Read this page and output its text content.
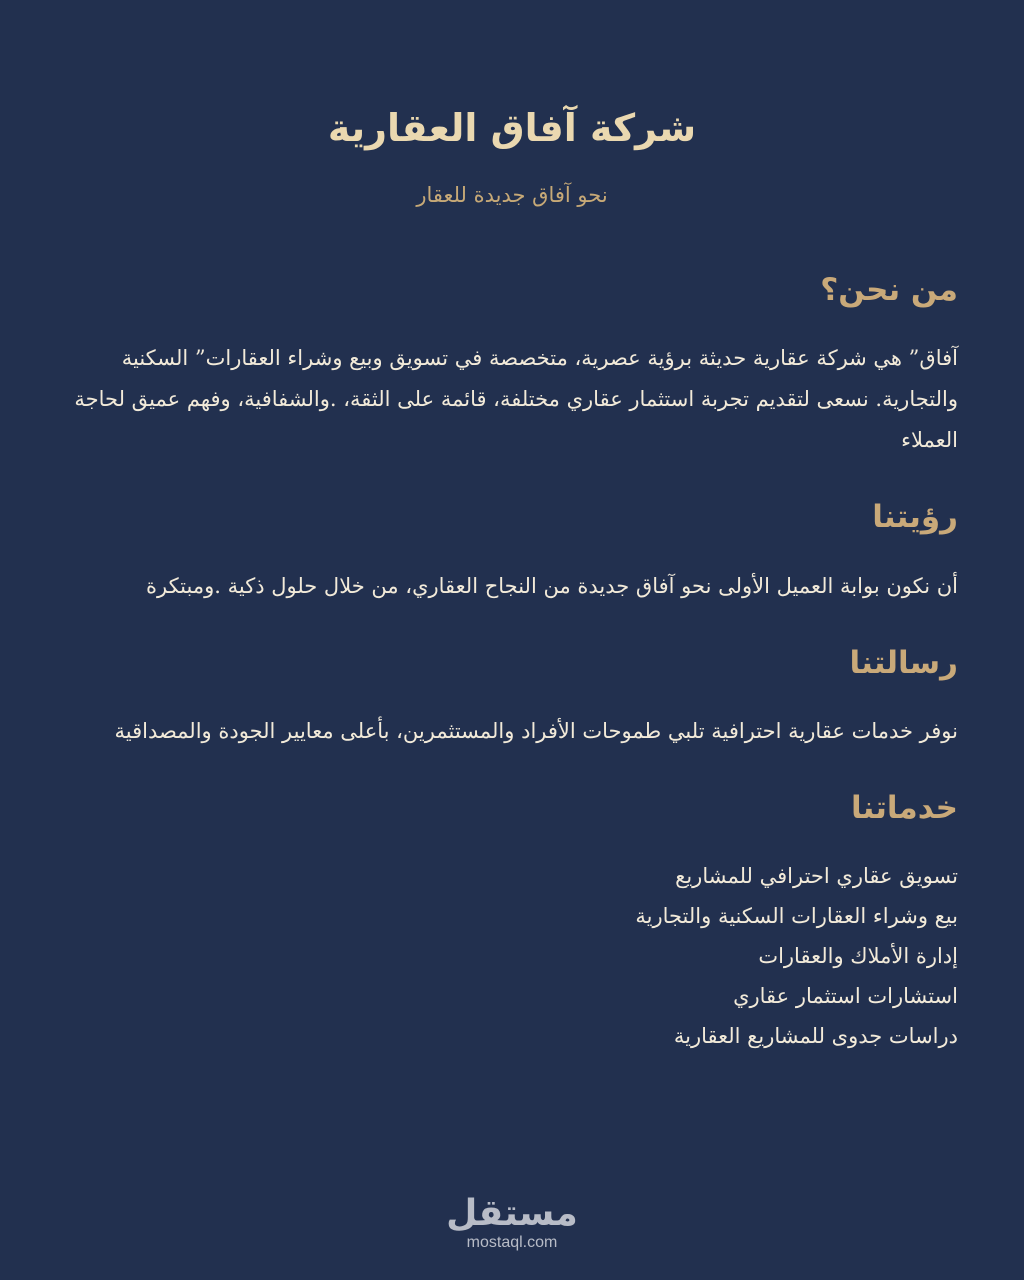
شركة آفاق العقارية
نحو آفاق جديدة للعقار
من نحن؟

آفاق” هي شركة عقارية حديثة برؤية عصرية، متخصصة في تسويق وبيع وشراء العقارات” السكنية والتجارية. نسعى لتقديم تجربة استثمار عقاري مختلفة، قائمة على الثقة، .والشفافية، وفهم عميق لحاجة العملاء

رؤيتنا

أن نكون بوابة العميل الأولى نحو آفاق جديدة من النجاح العقاري، من خلال حلول ذكية .ومبتكرة

رسالتنا

نوفر خدمات عقارية احترافية تلبي طموحات الأفراد والمستثمرين، بأعلى معايير الجودة والمصداقية

خدماتنا
تسويق عقاري احترافي للمشاريع
بيع وشراء العقارات السكنية والتجارية
إدارة الأملاك والعقارات
استشارات استثمار عقاري
دراسات جدوى للمشاريع العقارية
مستقل
mostaql.com
